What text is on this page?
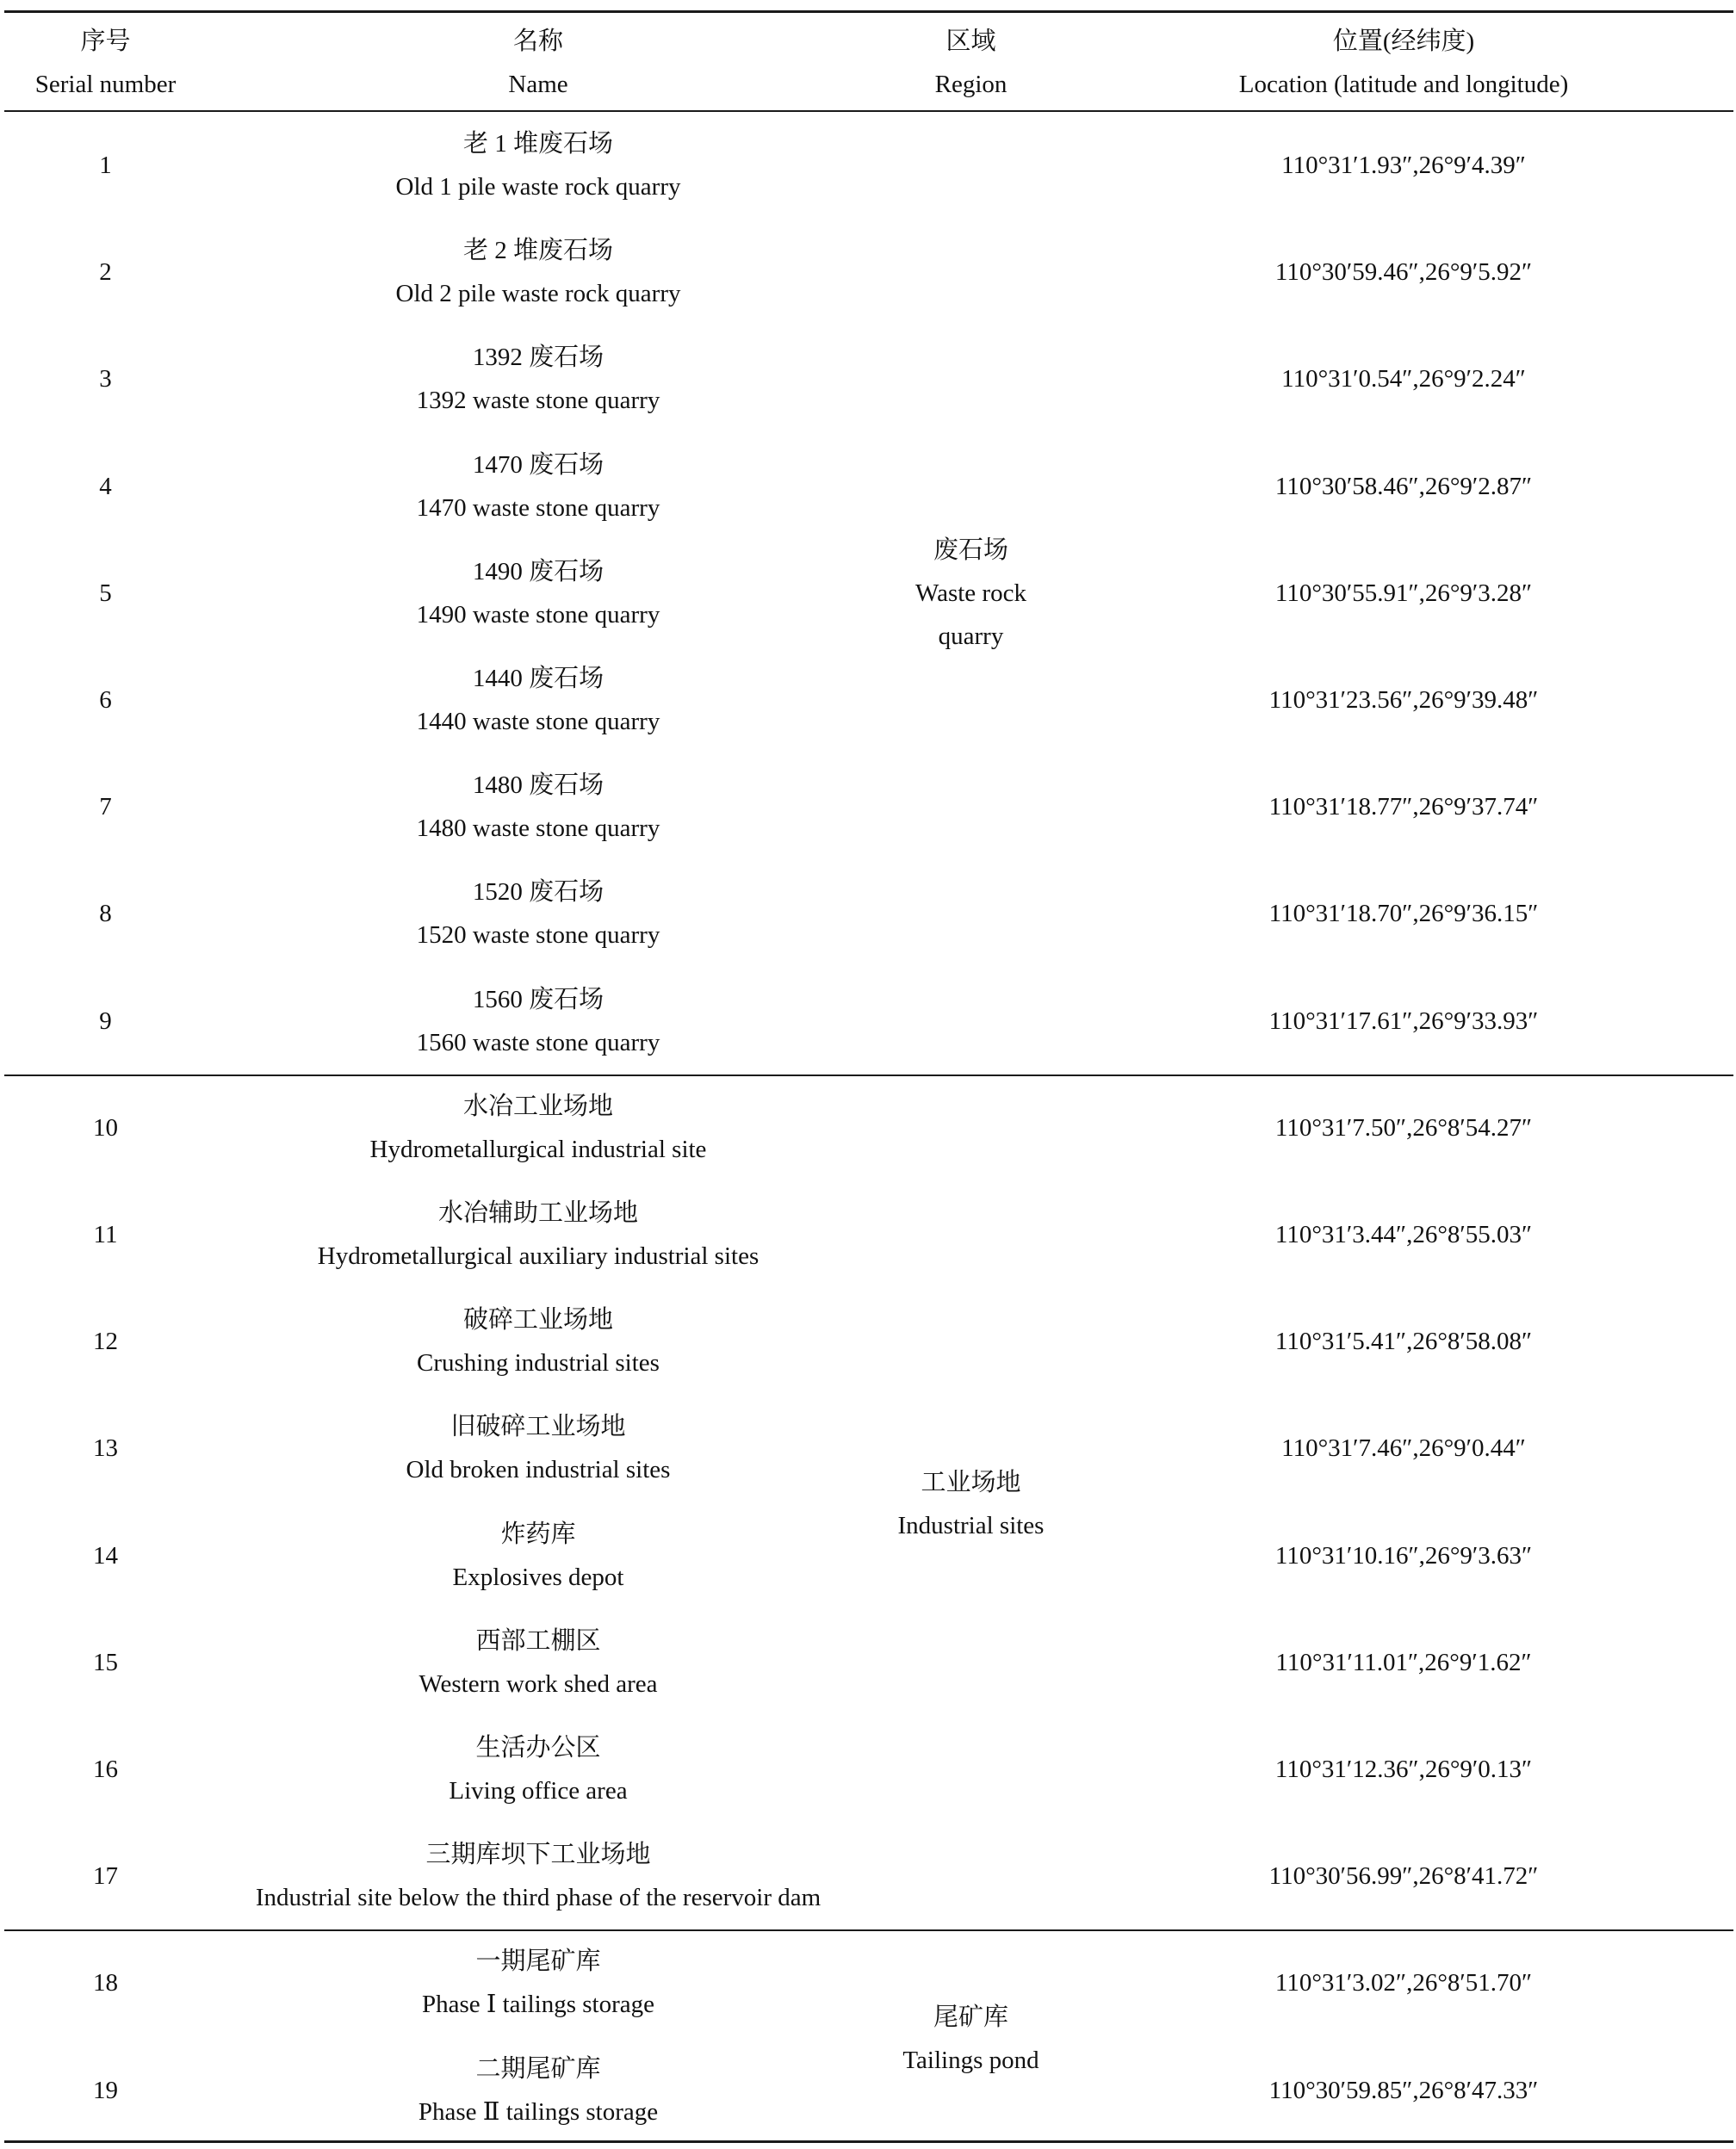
序号
Serial number
名称
Name
区域
Region
位置(经纬度)
Location (latitude and longitude)
1
老 1 堆废石场
Old 1 pile waste rock quarry
110°31′1.93″,26°9′4.39″
2
老 2 堆废石场
Old 2 pile waste rock quarry
110°30′59.46″,26°9′5.92″
3
1392 废石场
1392 waste stone quarry
110°31′0.54″,26°9′2.24″
4
1470 废石场
1470 waste stone quarry
110°30′58.46″,26°9′2.87″
5
1490 废石场
1490 waste stone quarry
110°30′55.91″,26°9′3.28″
6
1440 废石场
1440 waste stone quarry
110°31′23.56″,26°9′39.48″
7
1480 废石场
1480 waste stone quarry
110°31′18.77″,26°9′37.74″
8
1520 废石场
1520 waste stone quarry
110°31′18.70″,26°9′36.15″
9
1560 废石场
1560 waste stone quarry
110°31′17.61″,26°9′33.93″
10
水冶工业场地
Hydrometallurgical industrial site
110°31′7.50″,26°8′54.27″
11
水冶辅助工业场地
Hydrometallurgical auxiliary industrial sites
110°31′3.44″,26°8′55.03″
12
破碎工业场地
Crushing industrial sites
110°31′5.41″,26°8′58.08″
13
旧破碎工业场地
Old broken industrial sites
110°31′7.46″,26°9′0.44″
14
炸药库
Explosives depot
110°31′10.16″,26°9′3.63″
15
西部工棚区
Western work shed area
110°31′11.01″,26°9′1.62″
16
生活办公区
Living office area
110°31′12.36″,26°9′0.13″
17
三期库坝下工业场地
Industrial site below the third phase of the reservoir dam
110°30′56.99″,26°8′41.72″
18
一期尾矿库
Phase Ⅰ tailings storage
110°31′3.02″,26°8′51.70″
19
二期尾矿库
Phase Ⅱ tailings storage
110°30′59.85″,26°8′47.33″
废石场
Waste rock
quarry
工业场地
Industrial sites
尾矿库
Tailings pond
